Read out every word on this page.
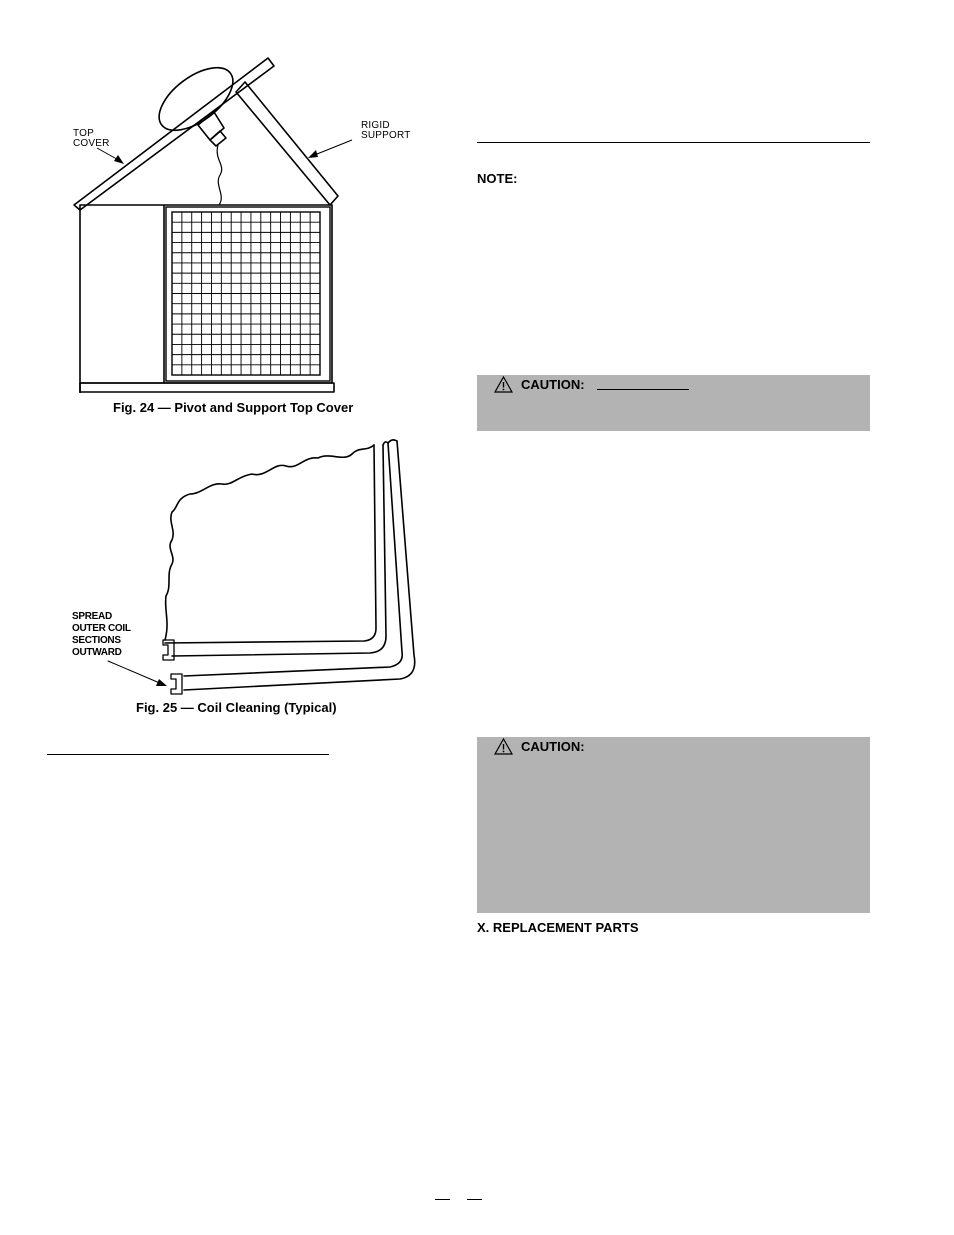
TOP
COVER
RIGID
SUPPORT
Fig. 24 — Pivot and Support Top Cover
SPREAD
OUTER COIL
SECTIONS
OUTWARD
Fig. 25 — Coil Cleaning (Typical)
NOTE:
CAUTION:
CAUTION:
X. REPLACEMENT PARTS
